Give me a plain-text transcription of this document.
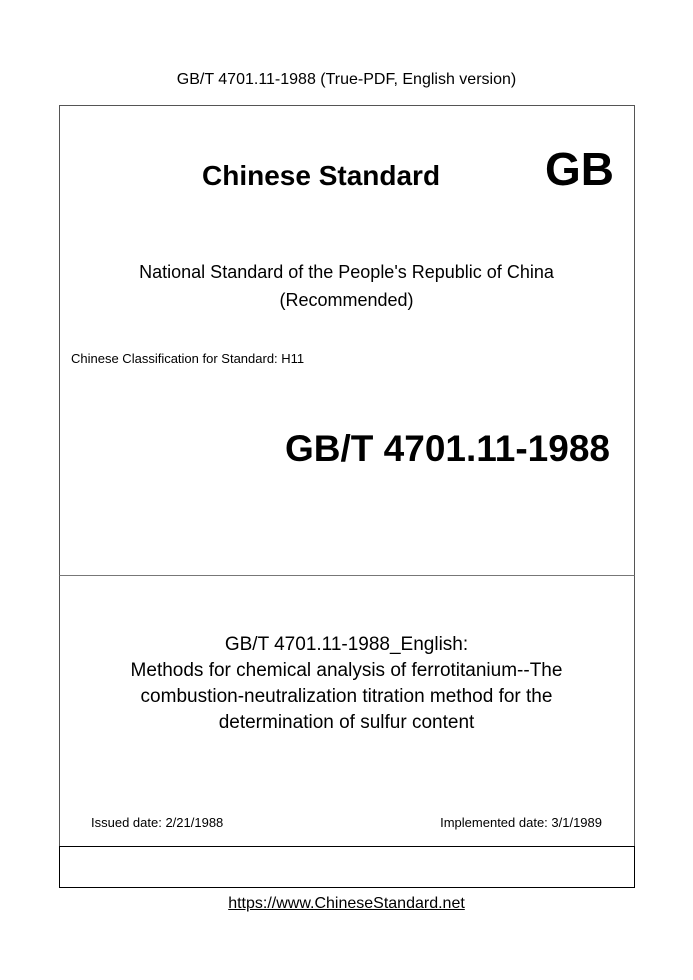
GB/T 4701.11-1988 (True-PDF, English version)
Chinese Standard GB
National Standard of the People's Republic of China
(Recommended)
Chinese Classification for Standard: H11
GB/T 4701.11-1988
GB/T 4701.11-1988_English:
Methods for chemical analysis of ferrotitanium--The
combustion-neutralization titration method for the
determination of sulfur content
Issued date: 2/21/1988	Implemented date: 3/1/1989
https://www.ChineseStandard.net
